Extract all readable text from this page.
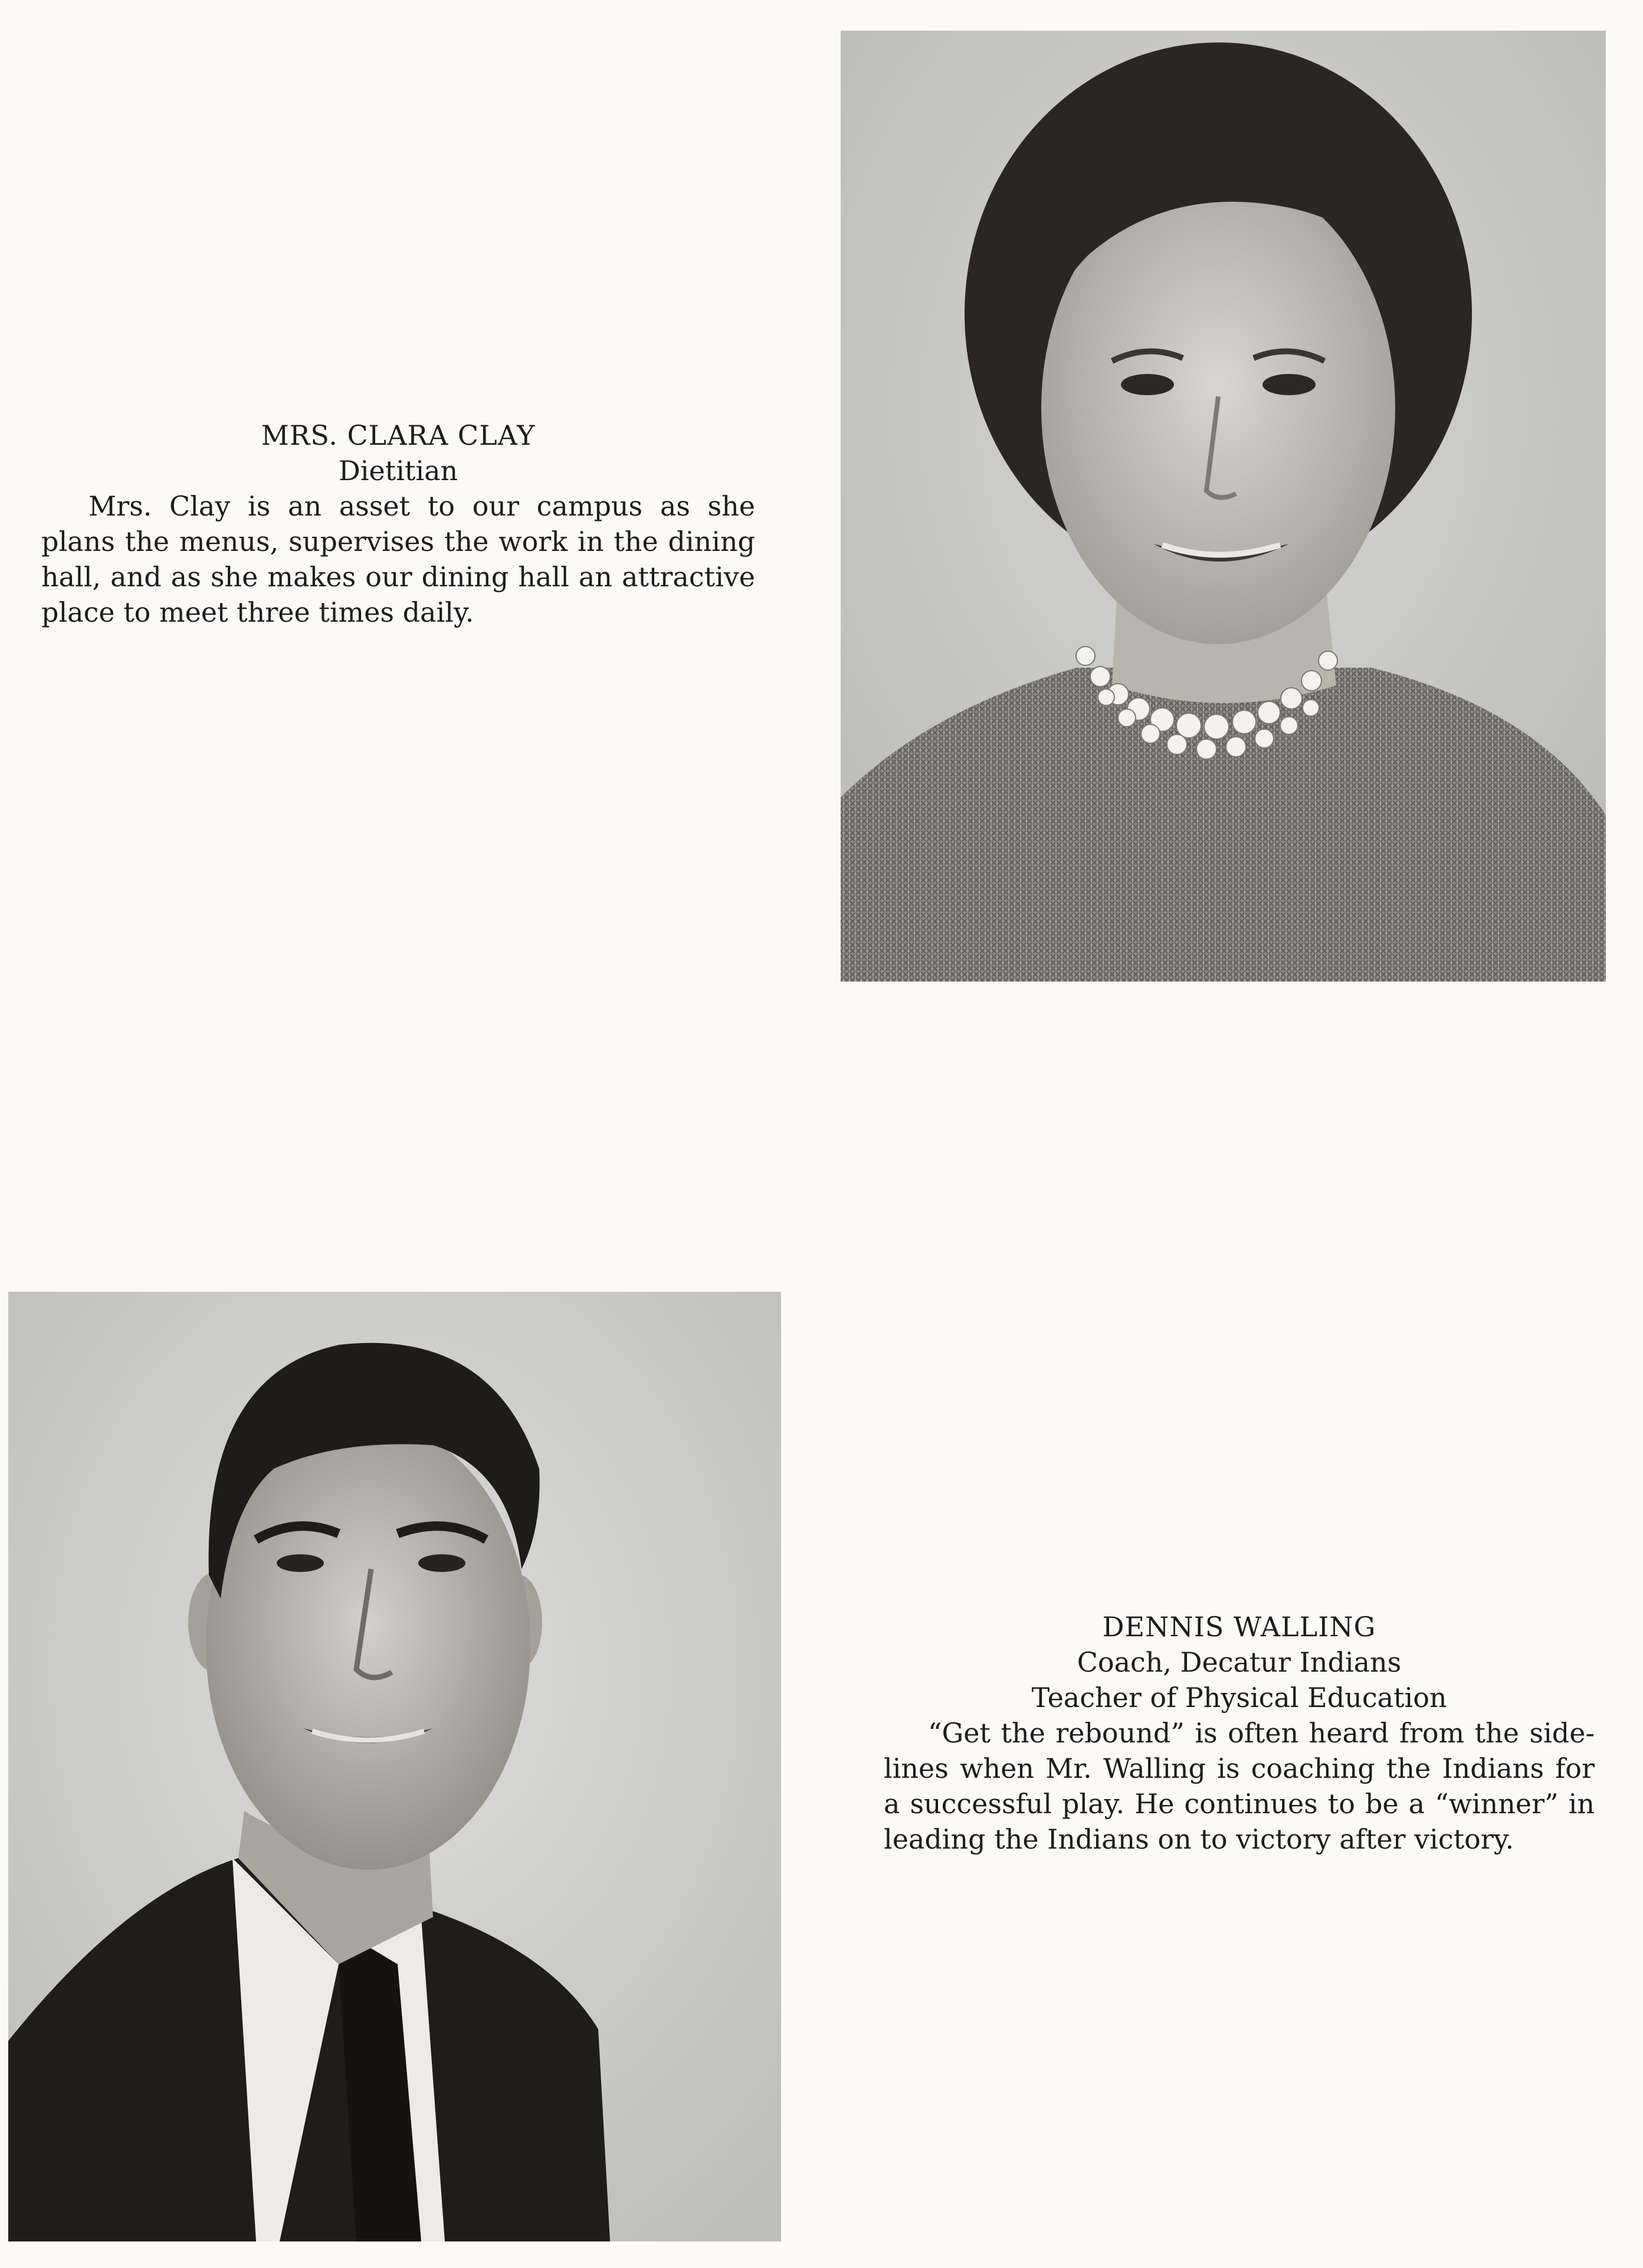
MRS. CLARA CLAY
Dietitian
Mrs. Clay is an asset to our campus as she plans the menus, supervises the work in the dining hall, and as she makes our dining hall an attractive place to meet three times daily.
DENNIS WALLING
Coach, Decatur Indians
Teacher of Physical Education
“Get the rebound” is often heard from the side-lines when Mr. Walling is coaching the Indians for a successful play. He continues to be a “winner” in leading the Indians on to victory after victory.
